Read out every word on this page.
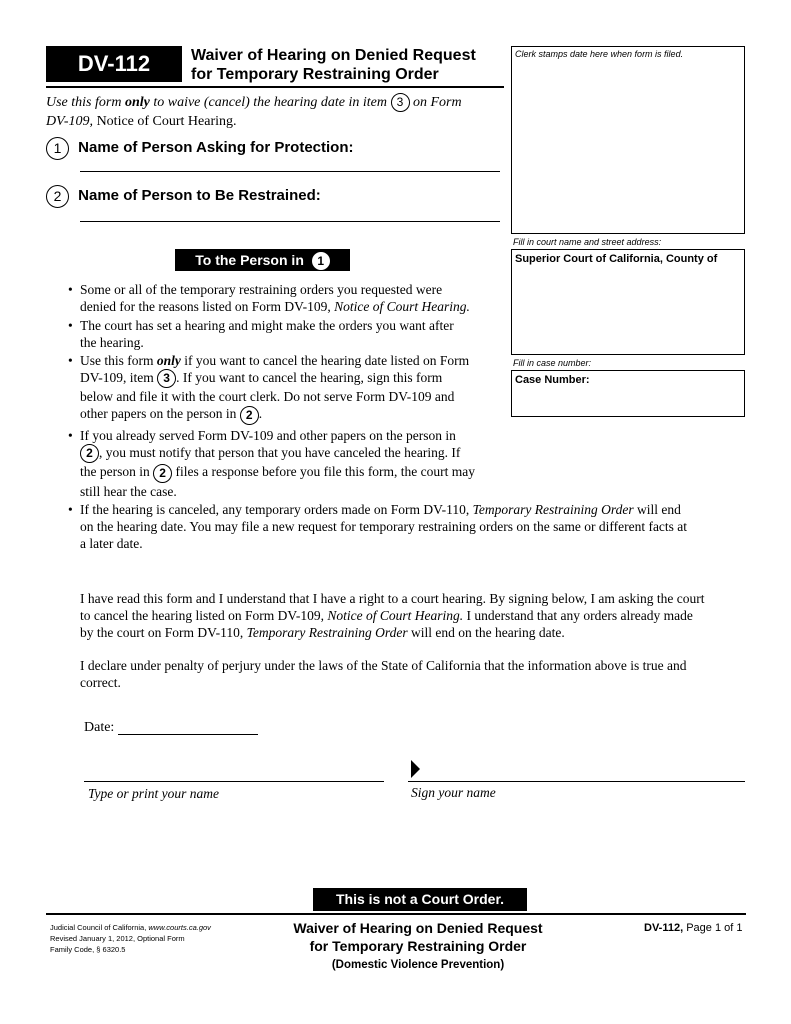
DV-112	Waiver of Hearing on Denied Request
for Temporary Restraining Order
Use this form only to waive (cancel) the hearing date in item 3 on Form
DV-109, Notice of Court Hearing.
1 Name of Person Asking for Protection:
2 Name of Person to Be Restrained:
Clerk stamps date here when form is filed.
Fill in court name and street address:
Superior Court of California, County of
Fill in case number:
Case Number:
To the Person in 1
• Some or all of the temporary restraining orders you requested were
denied for the reasons listed on Form DV-109, Notice of Court Hearing.
• The court has set a hearing and might make the orders you want after
the hearing.
• Use this form only if you want to cancel the hearing date listed on Form
DV-109, item 3 . If you want to cancel the hearing, sign this form
below and file it with the court clerk. Do not serve Form DV-109 and
other papers on the person in 2 .
• If you already served Form DV-109 and other papers on the person in
2 , you must notify that person that you have canceled the hearing. If
the person in 2 files a response before you file this form, the court may
still hear the case.
• If the hearing is canceled, any temporary orders made on Form DV-110, Temporary Restraining Order will end
on the hearing date. You may file a new request for temporary restraining orders on the same or different facts at
a later date.
I have read this form and I understand that I have a right to a court hearing. By signing below, I am asking the court
to cancel the hearing listed on Form DV-109, Notice of Court Hearing. I understand that any orders already made
by the court on Form DV-110, Temporary Restraining Order will end on the hearing date.
I declare under penalty of perjury under the laws of the State of California that the information above is true and
correct.
Date:
Type or print your name	Sign your name
This is not a Court Order.
Judicial Council of California, www.courts.ca.gov
Revised January 1, 2012, Optional Form
Family Code, § 6320.5
Waiver of Hearing on Denied Request
for Temporary Restraining Order
(Domestic Violence Prevention)
DV-112, Page 1 of 1
